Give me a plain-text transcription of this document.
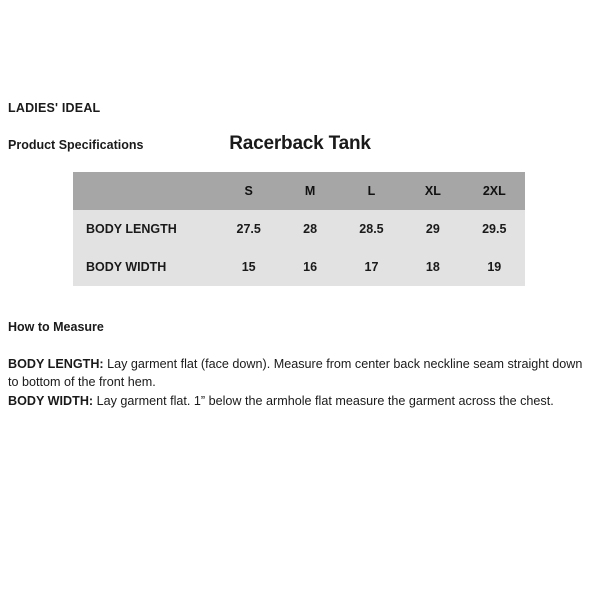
LADIES' IDEAL
Product Specifications	Racerback Tank
	S	M	L	XL	2XL
BODY LENGTH	27.5	28	28.5	29	29.5
BODY WIDTH	15	16	17	18	19
How to Measure

BODY LENGTH: Lay garment flat (face down). Measure from center back neckline seam straight down to bottom of the front hem.

BODY WIDTH: Lay garment flat. 1” below the armhole flat measure the garment across the chest.
